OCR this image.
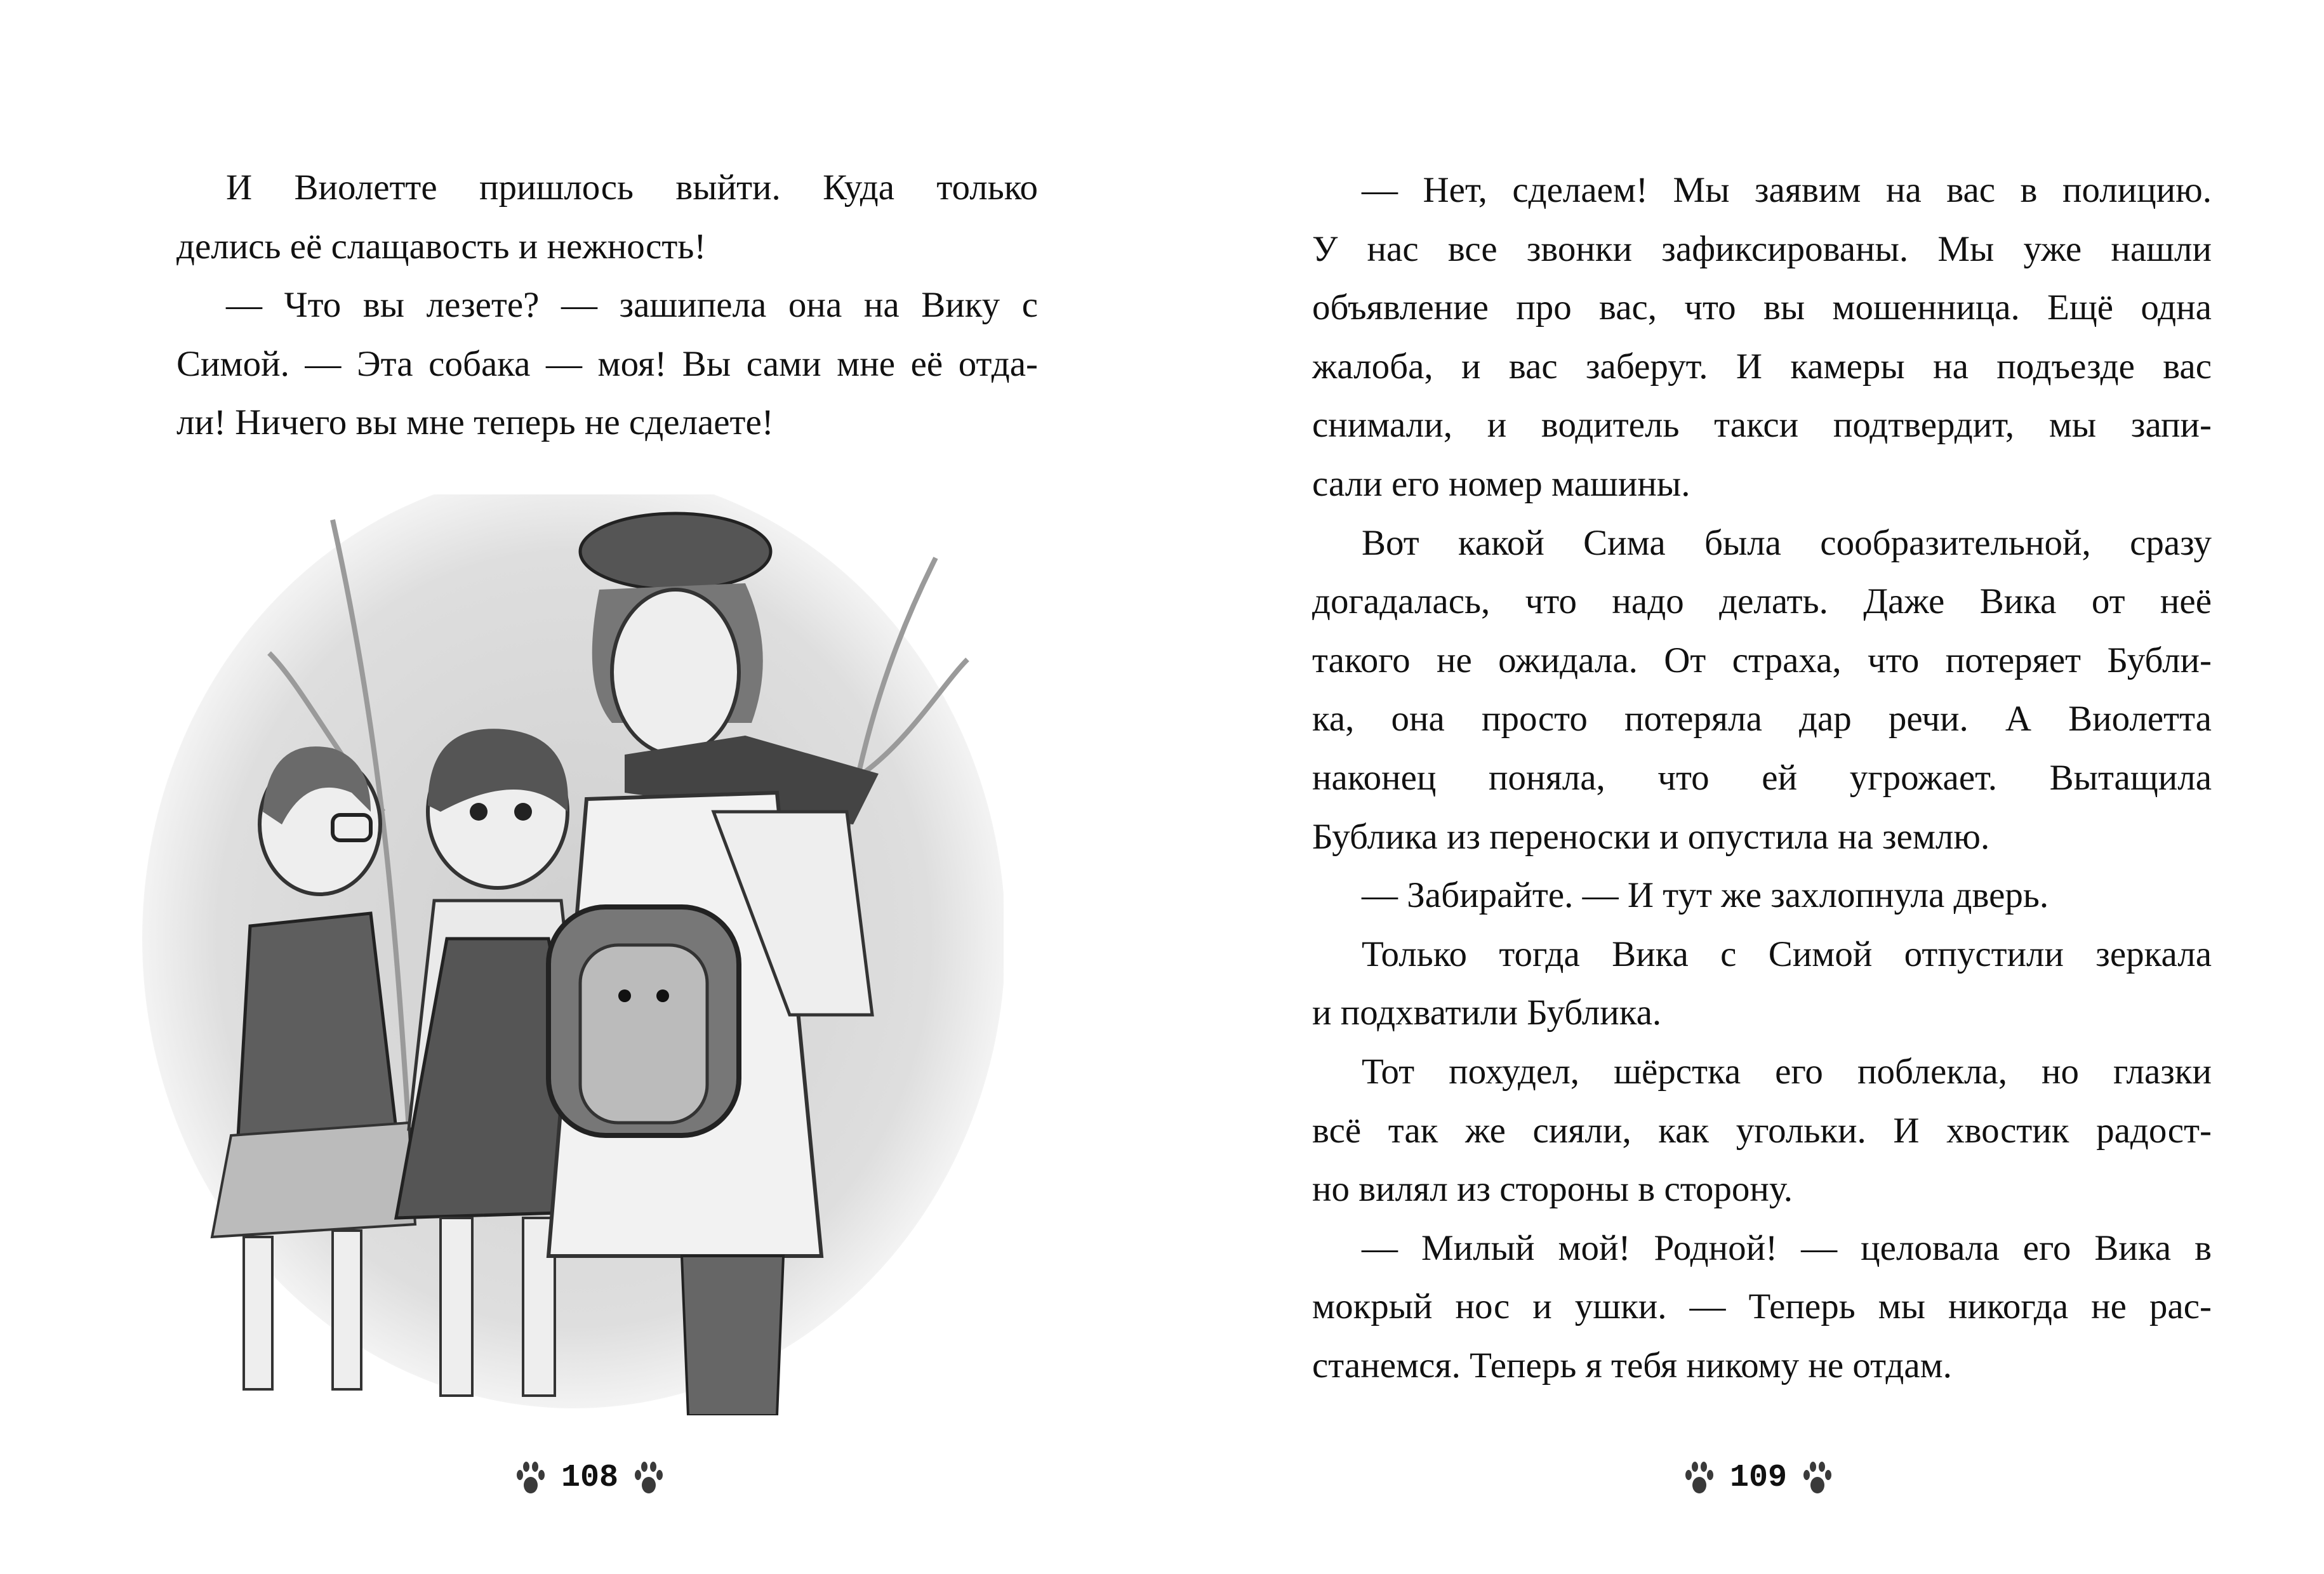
И Виолетте пришлось выйти. Куда только
делись её слащавость и нежность!
— Что вы лезете? — зашипела она на Вику с
Симой. — Эта собака — моя! Вы сами мне её отда-
ли! Ничего вы мне теперь не сделаете!
108
— Нет, сделаем! Мы заявим на вас в полицию.
У нас все звонки зафиксированы. Мы уже нашли
объявление про вас, что вы мошенница. Ещё одна
жалоба, и вас заберут. И камеры на подъезде вас
снимали, и водитель такси подтвердит, мы запи-
сали его номер машины.
Вот какой Сима была сообразительной, сразу
догадалась, что надо делать. Даже Вика от неё
такого не ожидала. От страха, что потеряет Бубли-
ка, она просто потеряла дар речи. А Виолетта
наконец поняла, что ей угрожает. Вытащила
Бублика из переноски и опустила на землю.
— Забирайте. — И тут же захлопнула дверь.
Только тогда Вика с Симой отпустили зеркала
и подхватили Бублика.
Тот похудел, шёрстка его поблекла, но глазки
всё так же сияли, как угольки. И хвостик радост-
но вилял из стороны в сторону.
— Милый мой! Родной! — целовала его Вика в
мокрый нос и ушки. — Теперь мы никогда не рас-
станемся. Теперь я тебя никому не отдам.
109
